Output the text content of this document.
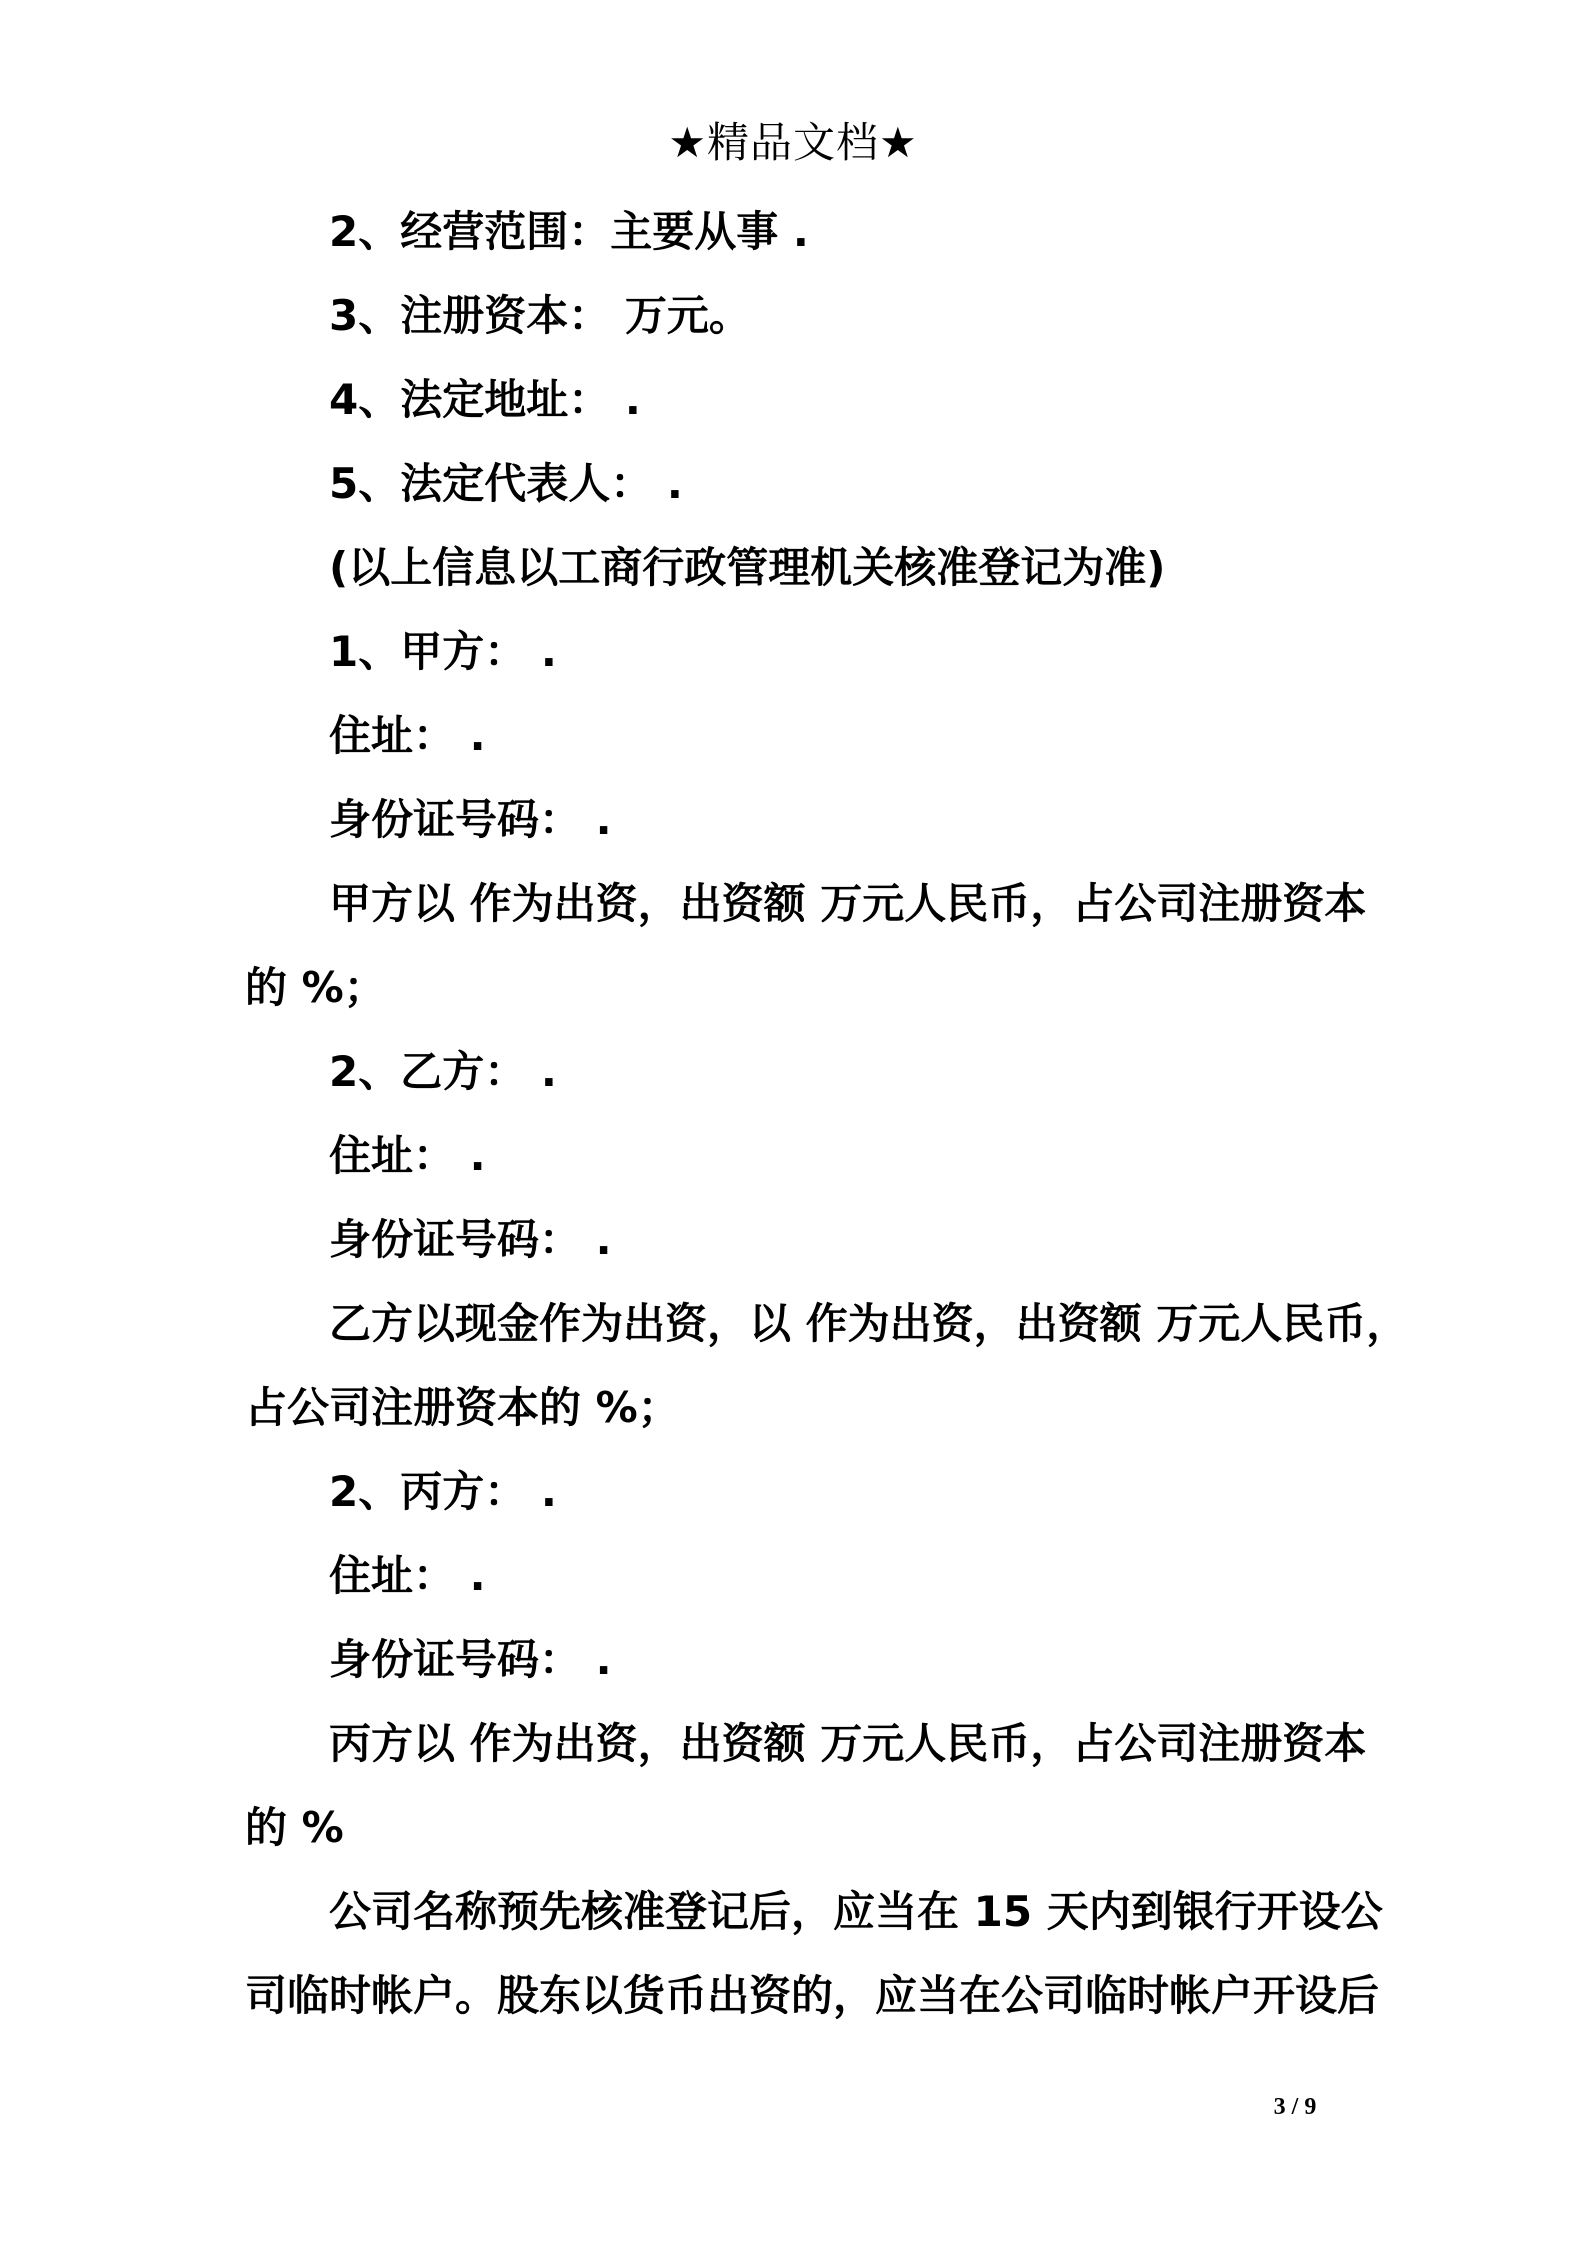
★精品文档★

2、经营范围：主要从事 .

3、注册资本： 万元。

4、法定地址： .

5、法定代表人： .

(以上信息以工商行政管理机关核准登记为准)

1、甲方： .

住址： .

身份证号码： .

甲方以 作为出资，出资额 万元人民币，占公司注册资本

的 %；

2、乙方： .

住址： .

身份证号码： .

乙方以现金作为出资，以 作为出资，出资额 万元人民币，

占公司注册资本的 %；

2、丙方： .

住址： .

身份证号码： .

丙方以 作为出资，出资额 万元人民币，占公司注册资本

的 %

公司名称预先核准登记后，应当在 15 天内到银行开设公

司临时帐户。股东以货币出资的，应当在公司临时帐户开设后

3 / 9
